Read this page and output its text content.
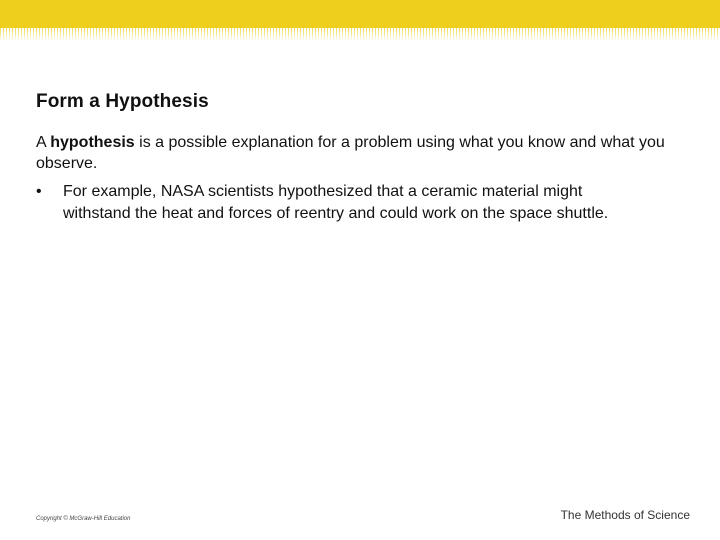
Form a Hypothesis

A hypothesis is a possible explanation for a problem using what you know and what you observe.

• For example, NASA scientists hypothesized that a ceramic material might withstand the heat and forces of reentry and could work on the space shuttle.
Copyright © McGraw-Hill Education	The Methods of Science
